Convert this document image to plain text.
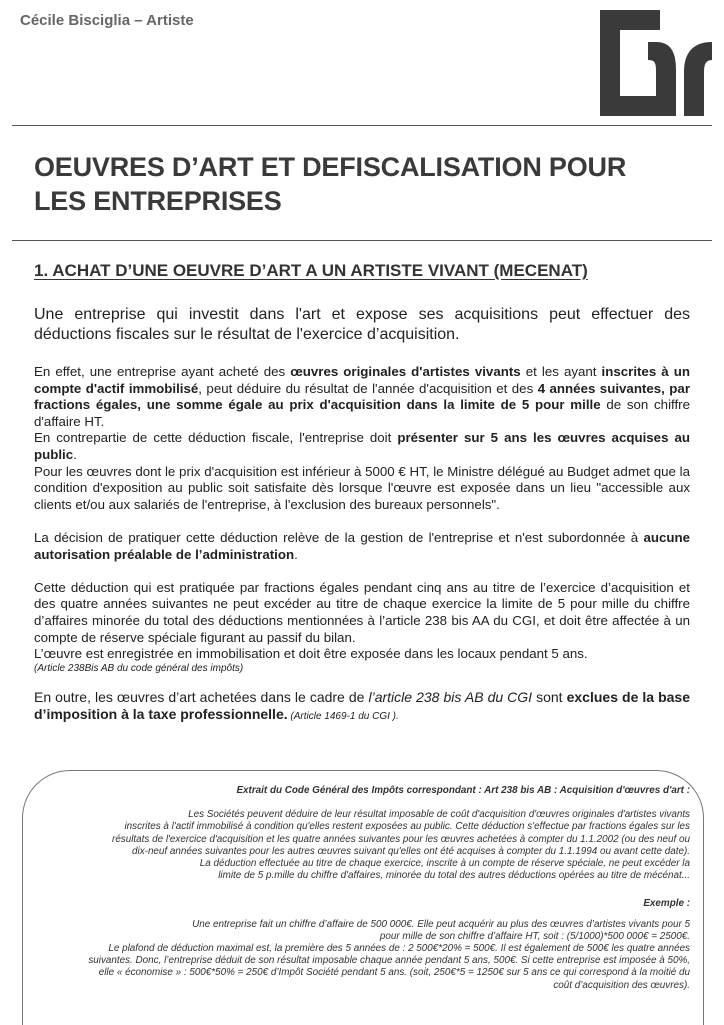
Cécile Bisciglia – Artiste
OEUVRES D’ART ET DEFISCALISATION POUR
LES ENTREPRISES
1. ACHAT D’UNE OEUVRE D’ART A UN ARTISTE VIVANT (MECENAT)

Une entreprise qui investit dans l'art et expose ses acquisitions peut effectuer des déductions fiscales sur le résultat de l'exercice d’acquisition.

En effet, une entreprise ayant acheté des œuvres originales d'artistes vivants et les ayant inscrites à un compte d'actif immobilisé, peut déduire du résultat de l'année d'acquisition et des 4 années suivantes, par fractions égales, une somme égale au prix d'acquisition dans la limite de 5 pour mille de son chiffre d'affaire HT.

En contrepartie de cette déduction fiscale, l'entreprise doit présenter sur 5 ans les œuvres acquises au public.

Pour les œuvres dont le prix d'acquisition est inférieur à 5000 € HT, le Ministre délégué au Budget admet que la condition d'exposition au public soit satisfaite dès lorsque l'œuvre est exposée dans un lieu "accessible aux clients et/ou aux salariés de l'entreprise, à l'exclusion des bureaux personnels".

La décision de pratiquer cette déduction relève de la gestion de l'entreprise et n'est subordonnée à aucune autorisation préalable de l’administration.

Cette déduction qui est pratiquée par fractions égales pendant cinq ans au titre de l’exercice d’acquisition et des quatre années suivantes ne peut excéder au titre de chaque exercice la limite de 5 pour mille du chiffre d’affaires minorée du total des déductions mentionnées à l’article 238 bis AA du CGI, et doit être affectée à un compte de réserve spéciale figurant au passif du bilan.

L’œuvre est enregistrée en immobilisation et doit être exposée dans les locaux pendant 5 ans.

(Article 238Bis AB du code général des impôts)

En outre, les œuvres d’art achetées dans le cadre de l’article 238 bis AB du CGI sont exclues de la base d’imposition à la taxe professionnelle. (Article 1469-1 du CGI ).

Extrait du Code Général des Impôts correspondant : Art 238 bis AB : Acquisition d'œuvres d'art :

Les Sociétés peuvent déduire de leur résultat imposable de coût d'acquisition d'œuvres originales d'artistes vivants

inscrites à l'actif immobilisé à condition qu'elles restent exposées au public. Cette déduction s'effectue par fractions égales sur les

résultats de l'exercice d'acquisition et les quatre années suivantes pour les œuvres achetées à compter du 1.1.2002 (ou des neuf ou

dix-neuf années suivantes pour les autres œuvres suivant qu'elles ont été acquises à compter du 1.1.1994 ou avant cette date).

La déduction effectuée au titre de chaque exercice, inscrite à un compte de réserve spéciale, ne peut excéder la

limite de 5 p.mille du chiffre d'affaires, minorée du total des autres déductions opérées au titre de mécénat...

Exemple :

Une entreprise fait un chiffre d’affaire de 500 000€. Elle peut acquérir au plus des œuvres d’artistes vivants pour 5

pour mille de son chiffre d’affaire HT, soit : (5/1000)*500 000€ = 2500€.

Le plafond de déduction maximal est, la première des 5 années de : 2 500€*20% = 500€. Il est également de 500€ les quatre années

suivantes. Donc, l’entreprise déduit de son résultat imposable chaque année pendant 5 ans, 500€. Si cette entreprise est imposée à 50%,

elle « économise » : 500€*50% = 250€ d’Impôt Société pendant 5 ans. (soit, 250€*5 = 1250€ sur 5 ans ce qui correspond à la moitié du

coût d’acquisition des œuvres).
